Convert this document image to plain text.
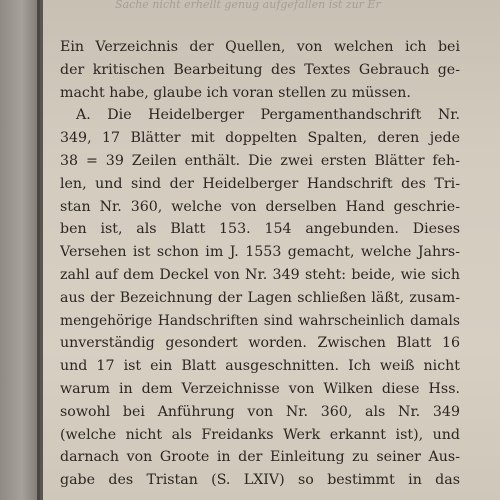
Sache nicht erhellt genug aufgefallen ist zur Er
Ein Verzeichnis der Quellen, von welchen ich bei
der kritischen Bearbeitung des Textes Gebrauch ge-
macht habe, glaube ich voran stellen zu müssen.
A. Die Heidelberger Pergamenthandschrift Nr.
349, 17 Blätter mit doppelten Spalten, deren jede
38 = 39 Zeilen enthält. Die zwei ersten Blätter feh-
len, und sind der Heidelberger Handschrift des Tri-
stan Nr. 360, welche von derselben Hand geschrie-
ben ist, als Blatt 153. 154 angebunden. Dieses
Versehen ist schon im J. 1553 gemacht, welche Jahrs-
zahl auf dem Deckel von Nr. 349 steht: beide, wie sich
aus der Bezeichnung der Lagen schließen läßt, zusam-
mengehörige Handschriften sind wahrscheinlich damals
unverständig gesondert worden. Zwischen Blatt 16
und 17 ist ein Blatt ausgeschnitten. Ich weiß nicht
warum in dem Verzeichnisse von Wilken diese Hss.
sowohl bei Anführung von Nr. 360, als Nr. 349
(welche nicht als Freidanks Werk erkannt ist), und
darnach von Groote in der Einleitung zu seiner Aus-
gabe des Tristan (S. LXIV) so bestimmt in das
